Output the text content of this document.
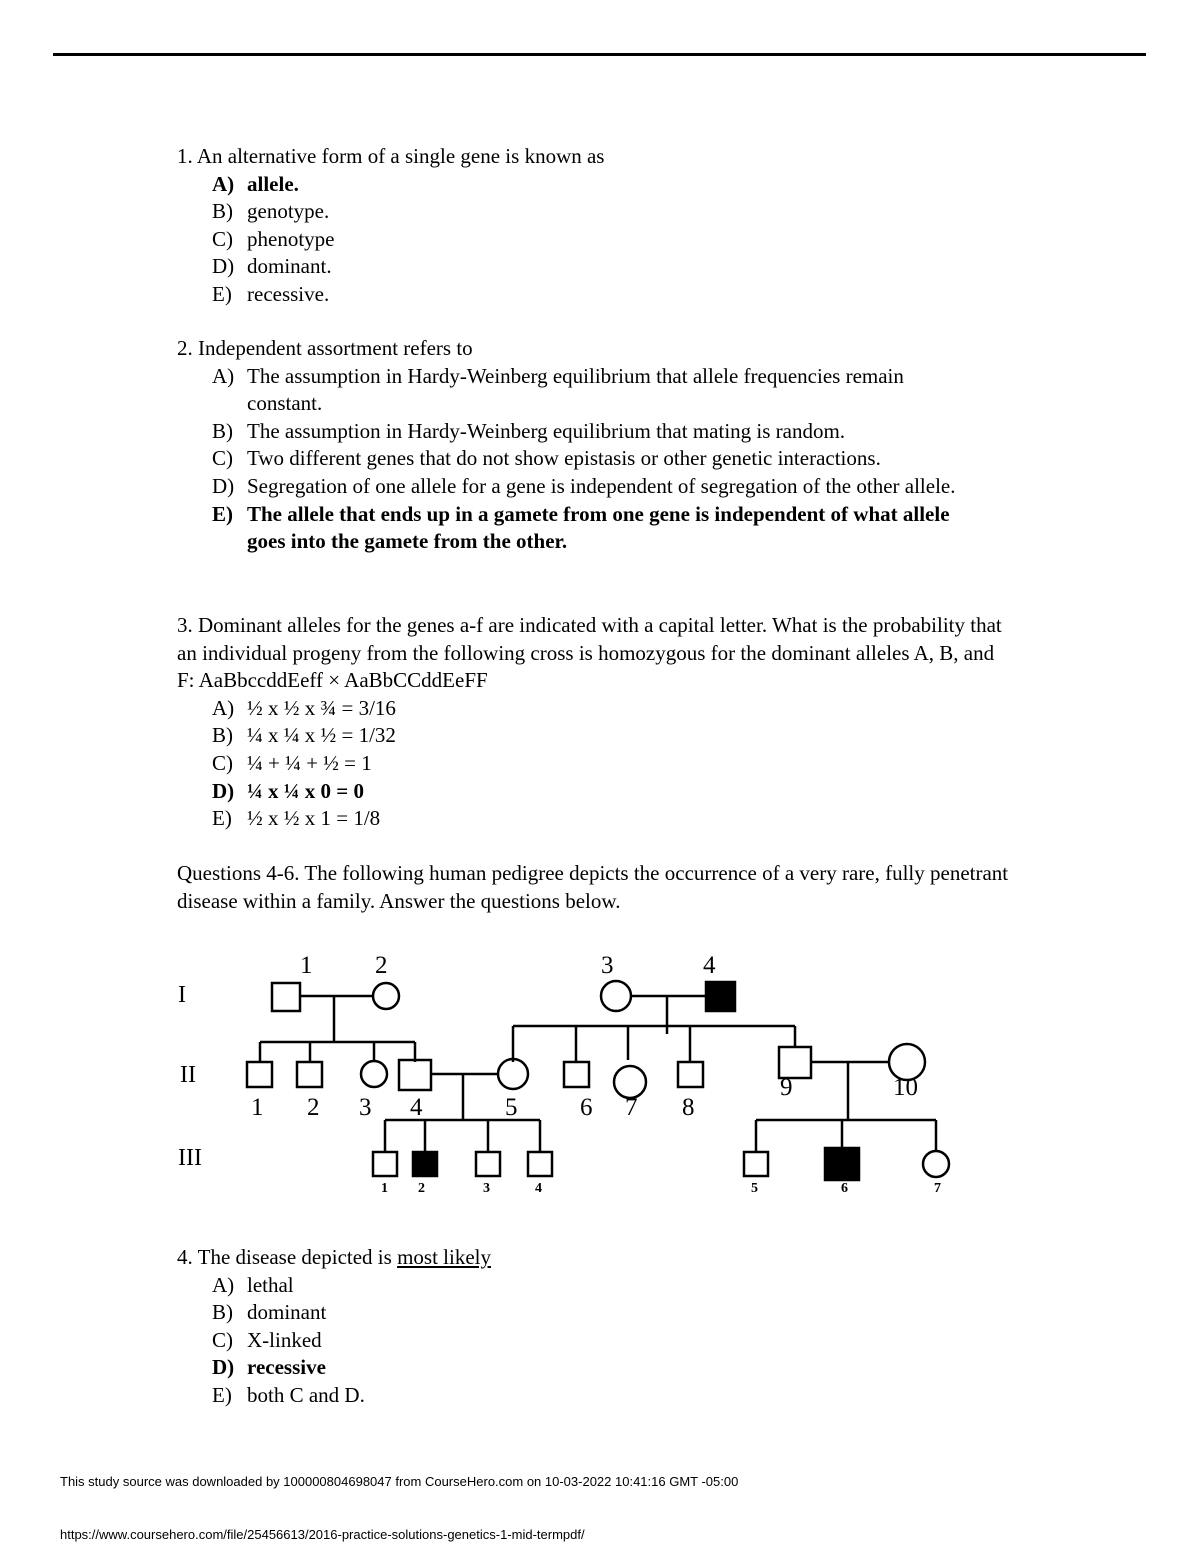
1. An alternative form of a single gene is known as

A) allele.

B) genotype.

C) phenotype

D) dominant.

E) recessive.

2. Independent assortment refers to

A) The assumption in Hardy-Weinberg equilibrium that allele frequencies remain constant.

B) The assumption in Hardy-Weinberg equilibrium that mating is random.

C) Two different genes that do not show epistasis or other genetic interactions.

D) Segregation of one allele for a gene is independent of segregation of the other allele.

E) The allele that ends up in a gamete from one gene is independent of what allele goes into the gamete from the other.

3. Dominant alleles for the genes a-f are indicated with a capital letter. What is the probability that an individual progeny from the following cross is homozygous for the dominant alleles A, B, and F: AaBbccddEeff × AaBbCCddEeFF

A) ½ x ½ x ¾ = 3/16

B) ¼ x ¼ x ½ = 1/32

C) ¼ + ¼ + ½ = 1

D) ¼ x ¼ x 0 = 0

E) ½ x ½ x 1 = 1/8

Questions 4-6. The following human pedigree depicts the occurrence of a very rare, fully penetrant disease within a family. Answer the questions below.

I
II
III
1	2	3	4
1 2 3 4	5	6 7 8
9	10
1 2	3	4	5	6	7

4. The disease depicted is most likely

A) lethal

B) dominant

C) X-linked

D) recessive

E) both C and D.

This study source was downloaded by 100000804698047 from CourseHero.com on 10-03-2022 10:41:16 GMT -05:00
https://www.coursehero.com/file/25456613/2016-practice-solutions-genetics-1-mid-termpdf/
